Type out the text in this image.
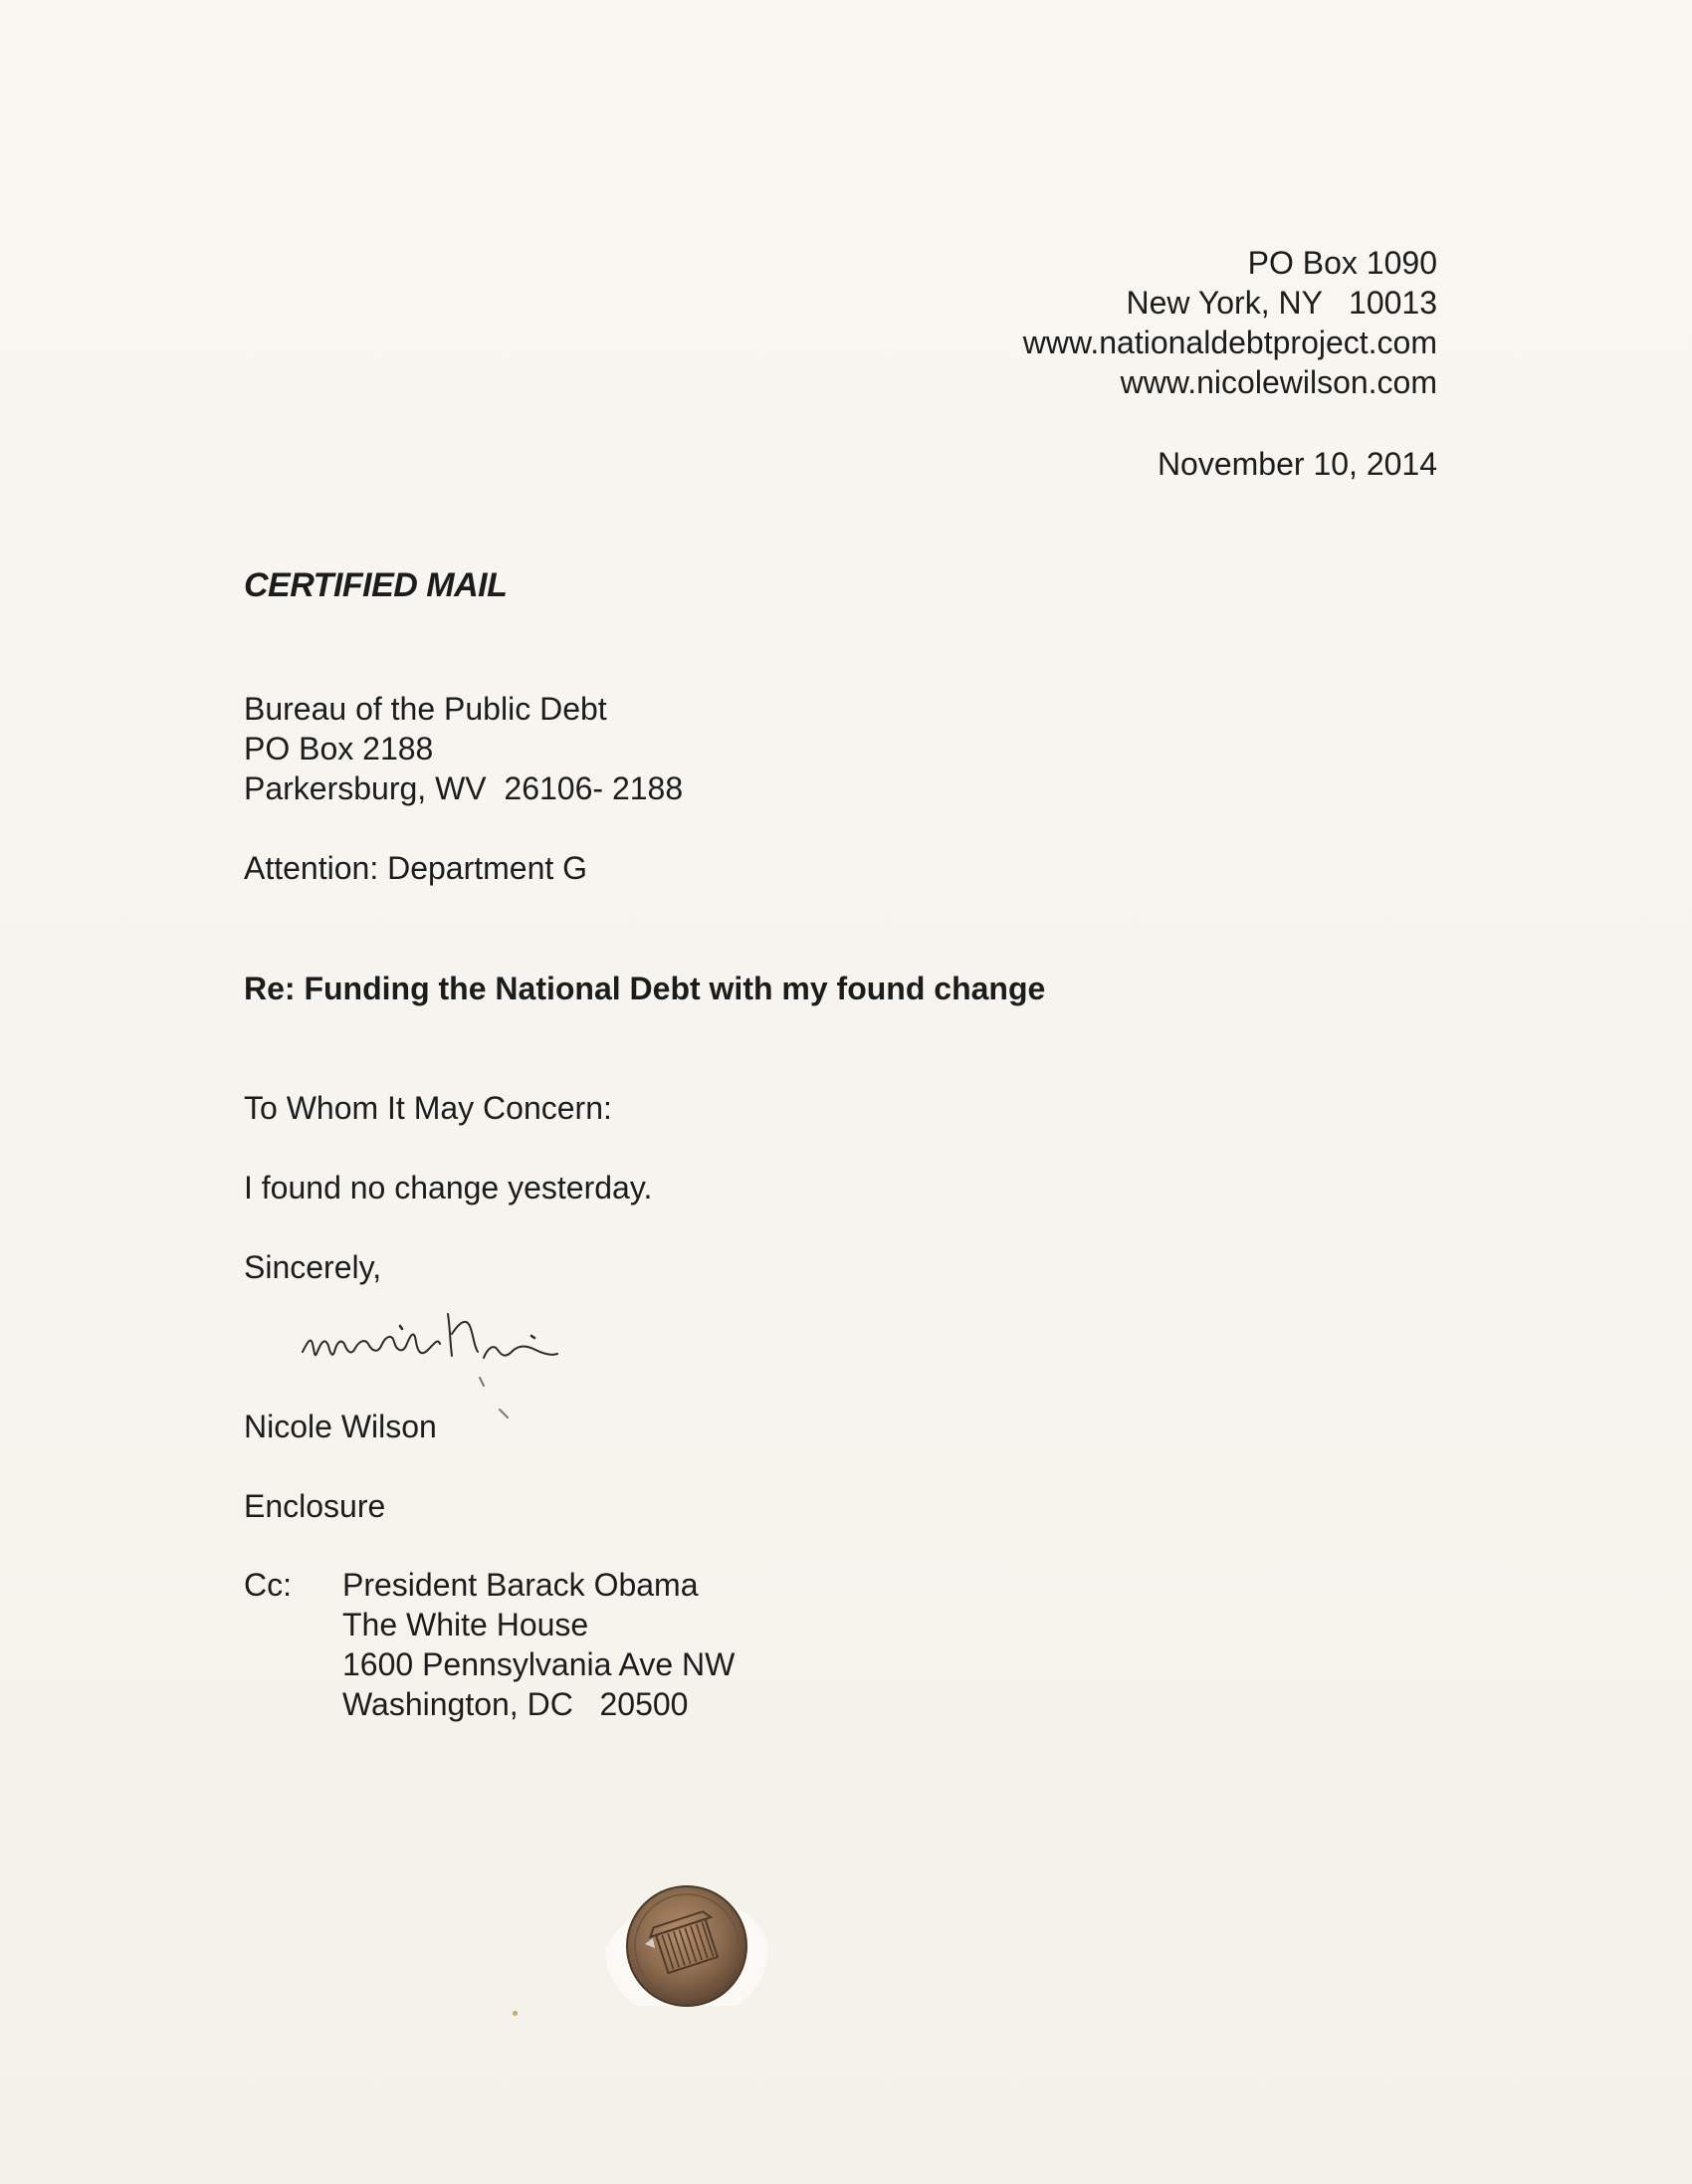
PO Box 1090
New York, NY   10013
www.nationaldebtproject.com
www.nicolewilson.com
November 10, 2014
CERTIFIED MAIL
Bureau of the Public Debt
PO Box 2188
Parkersburg, WV  26106- 2188
Attention: Department G
Re: Funding the National Debt with my found change
To Whom It May Concern:
I found no change yesterday.
Sincerely,
Nicole Wilson
Enclosure
Cc: President Barack Obama
The White House
1600 Pennsylvania Ave NW
Washington, DC   20500
